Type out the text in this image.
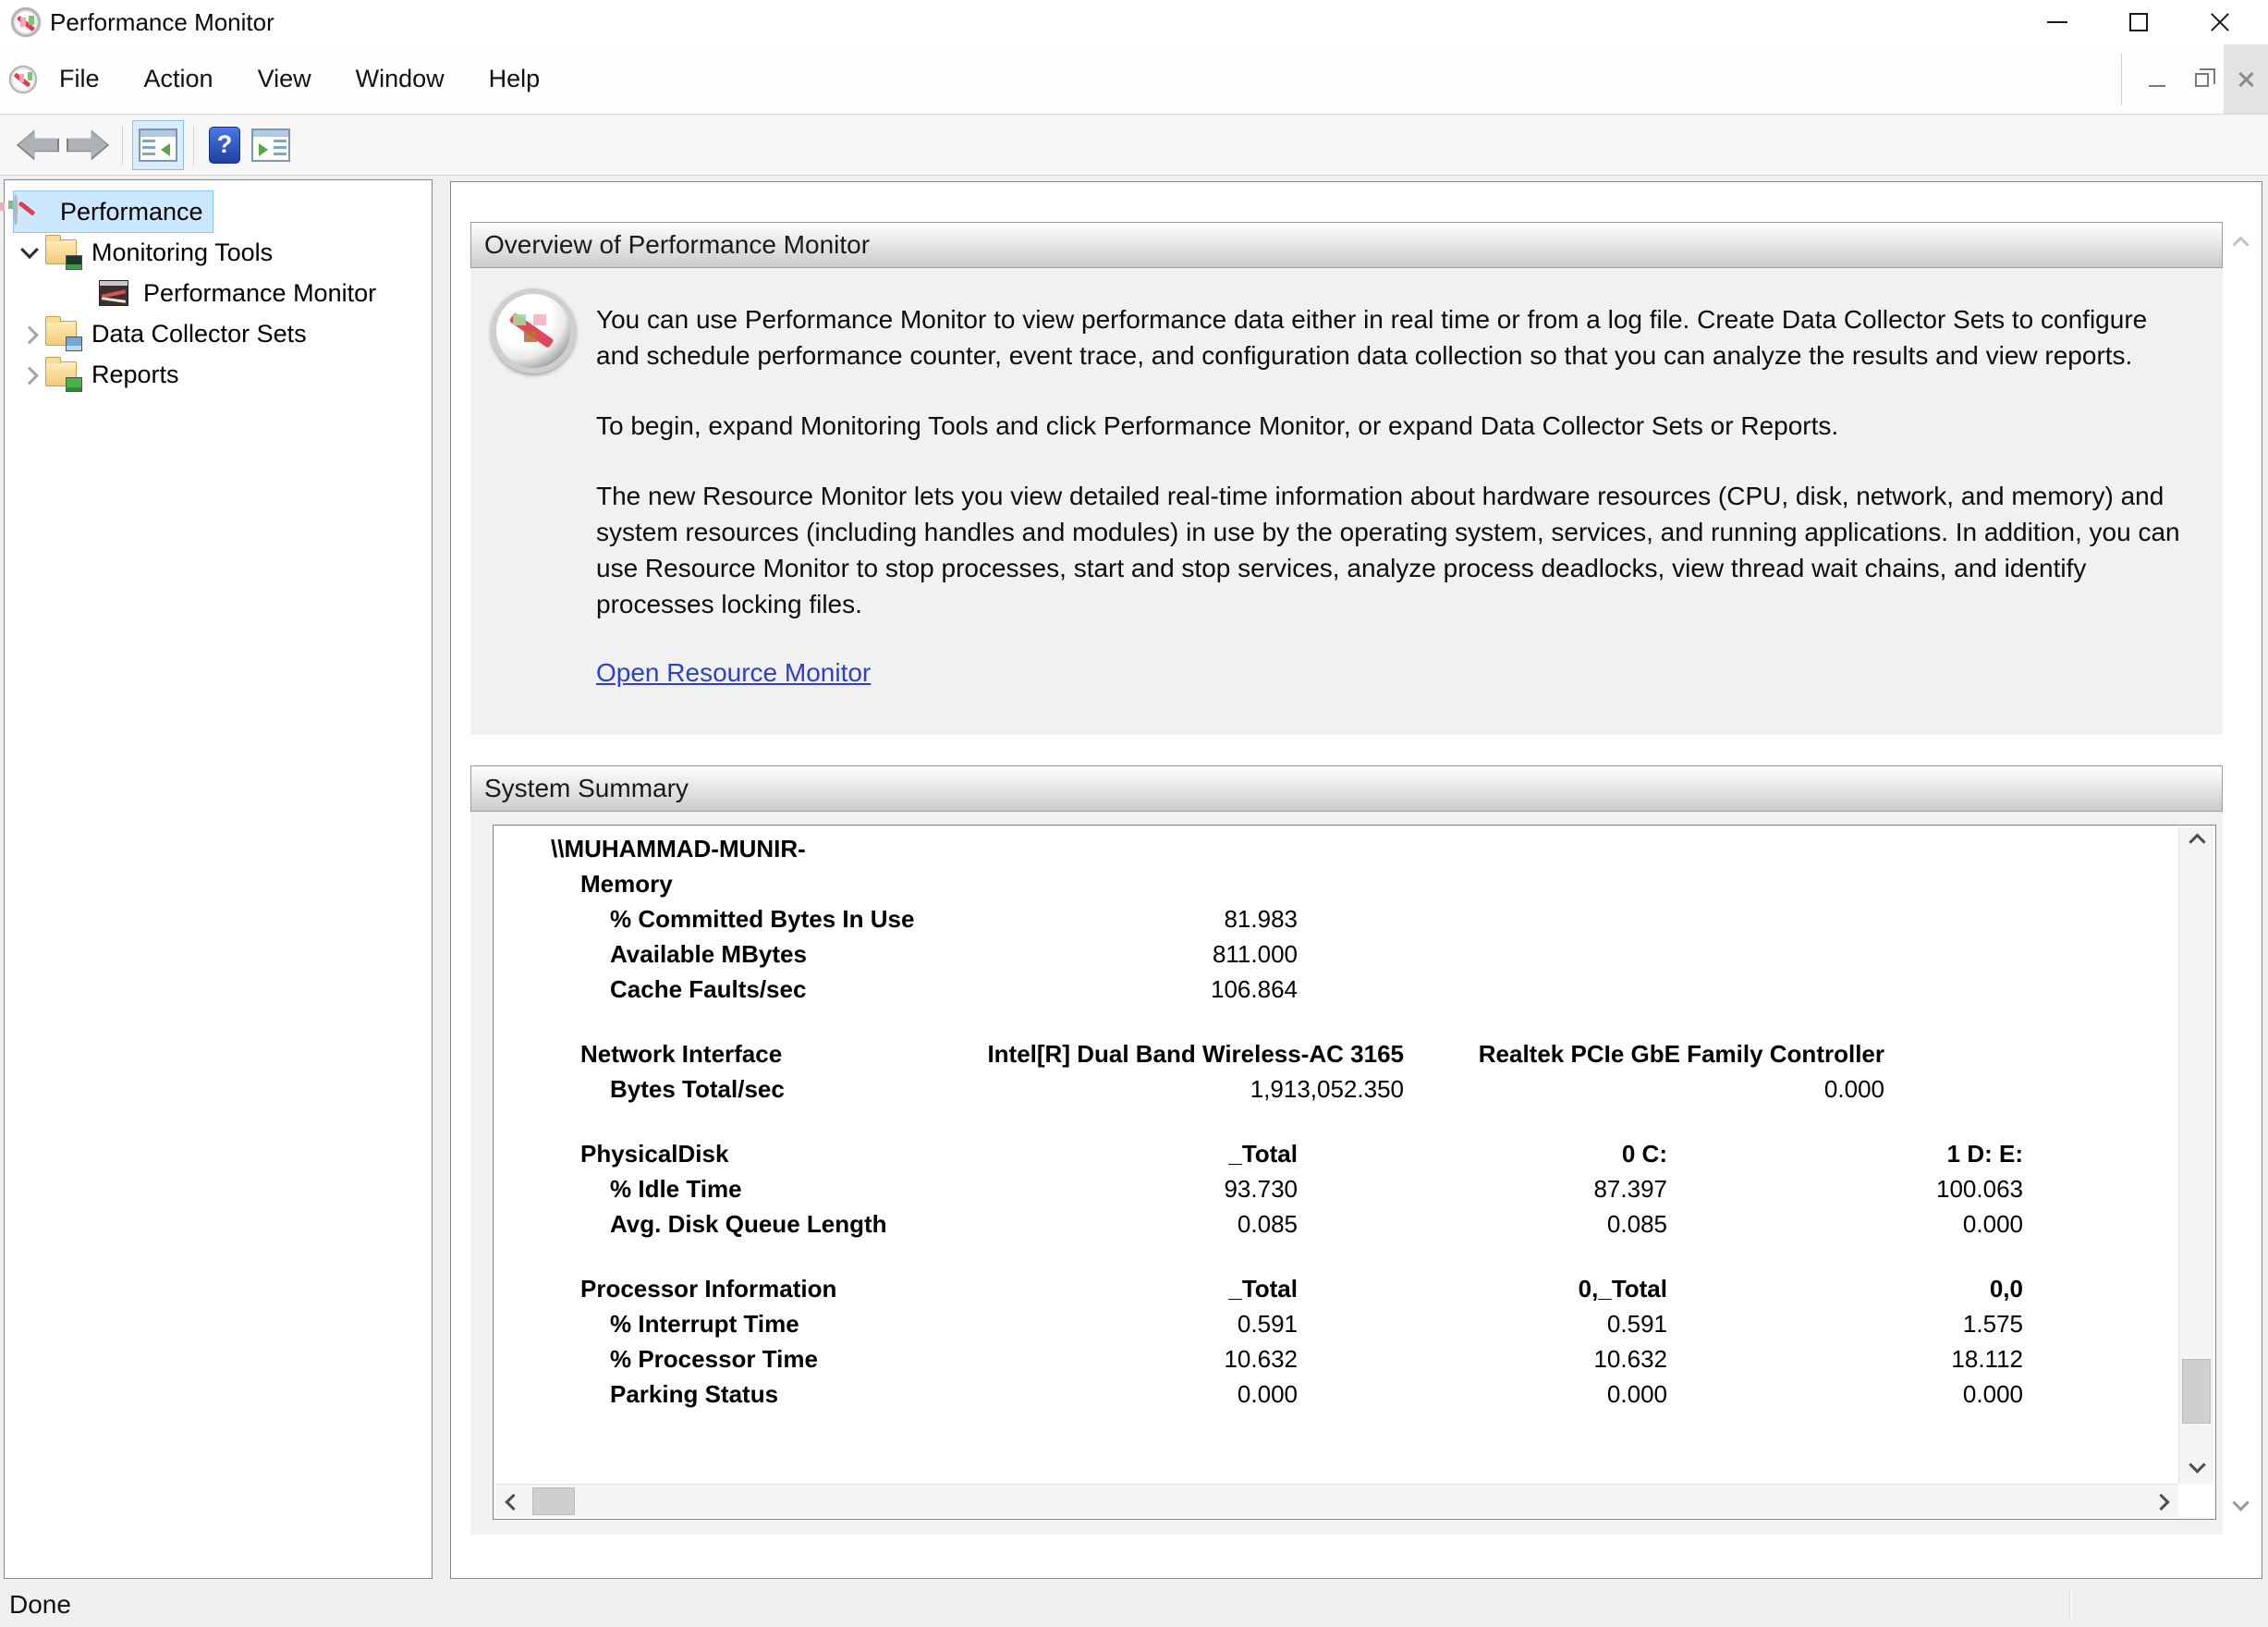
Performance Monitor
File	Action	View	Window	Help
?
Performance
Monitoring Tools
Performance Monitor
Data Collector Sets
Reports
Overview of Performance Monitor

You can use Performance Monitor to view performance data either in real time or from a log file. Create Data Collector Sets to configure and schedule performance counter, event trace, and configuration data collection so that you can analyze the results and view reports.

To begin, expand Monitoring Tools and click Performance Monitor, or expand Data Collector Sets or Reports.

The new Resource Monitor lets you view detailed real-time information about hardware resources (CPU, disk, network, and memory) and system resources (including handles and modules) in use by the operating system, services, and running applications. In addition, you can use Resource Monitor to stop processes, start and stop services, analyze process deadlocks, view thread wait chains, and identify processes locking files.

Open Resource Monitor
System Summary
\\MUHAMMAD-MUNIR-
Memory
% Committed Bytes In Use	81.983
Available MBytes	811.000
Cache Faults/sec	106.864
Network Interface	Intel[R] Dual Band Wireless-AC 3165	Realtek PCIe GbE Family Controller
Bytes Total/sec	1,913,052.350	0.000
PhysicalDisk	_Total	0 C:	1 D: E:
% Idle Time	93.730	87.397	100.063
Avg. Disk Queue Length	0.085	0.085	0.000
Processor Information	_Total	0,_Total	0,0
% Interrupt Time	0.591	0.591	1.575
% Processor Time	10.632	10.632	18.112
Parking Status	0.000	0.000	0.000
Done
